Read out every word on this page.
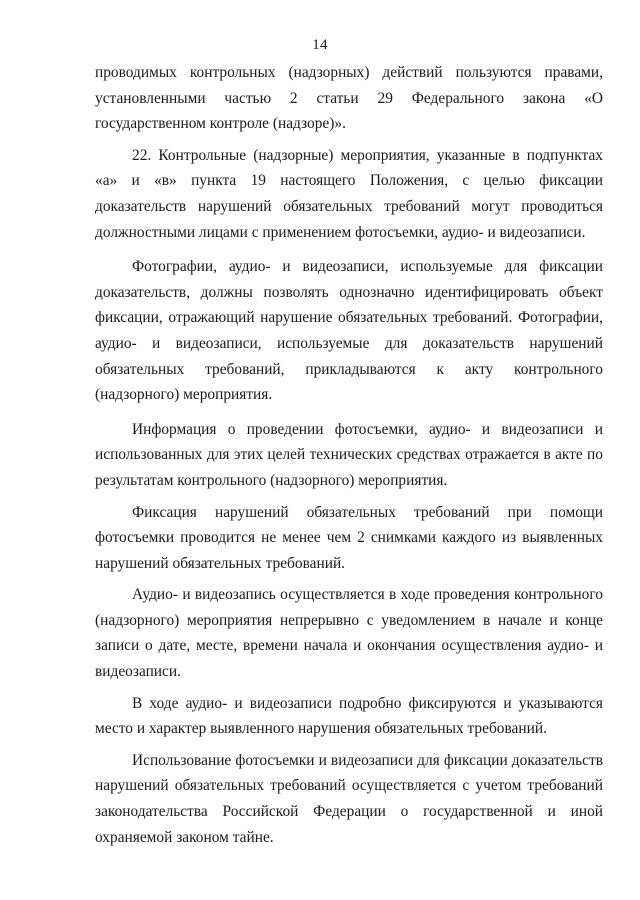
14

проводимых контрольных (надзорных) действий пользуются правами, установленными частью 2 статьи 29 Федерального закона «О государственном контроле (надзоре)».

22. Контрольные (надзорные) мероприятия, указанные в подпунктах «а» и «в» пункта 19 настоящего Положения, с целью фиксации доказательств нарушений обязательных требований могут проводиться должностными лицами с применением фотосъемки, аудио- и видеозаписи.

Фотографии, аудио- и видеозаписи, используемые для фиксации доказательств, должны позволять однозначно идентифицировать объект фиксации, отражающий нарушение обязательных требований. Фотографии, аудио- и видеозаписи, используемые для доказательств нарушений обязательных требований, прикладываются к акту контрольного (надзорного) мероприятия.

Информация о проведении фотосъемки, аудио- и видеозаписи и использованных для этих целей технических средствах отражается в акте по результатам контрольного (надзорного) мероприятия.

Фиксация нарушений обязательных требований при помощи фотосъемки проводится не менее чем 2 снимками каждого из выявленных нарушений обязательных требований.

Аудио- и видеозапись осуществляется в ходе проведения контрольного (надзорного) мероприятия непрерывно с уведомлением в начале и конце записи о дате, месте, времени начала и окончания осуществления аудио- и видеозаписи.

В ходе аудио- и видеозаписи подробно фиксируются и указываются место и характер выявленного нарушения обязательных требований.

Использование фотосъемки и видеозаписи для фиксации доказательств нарушений обязательных требований осуществляется с учетом требований законодательства Российской Федерации о государственной и иной охраняемой законом тайне.
